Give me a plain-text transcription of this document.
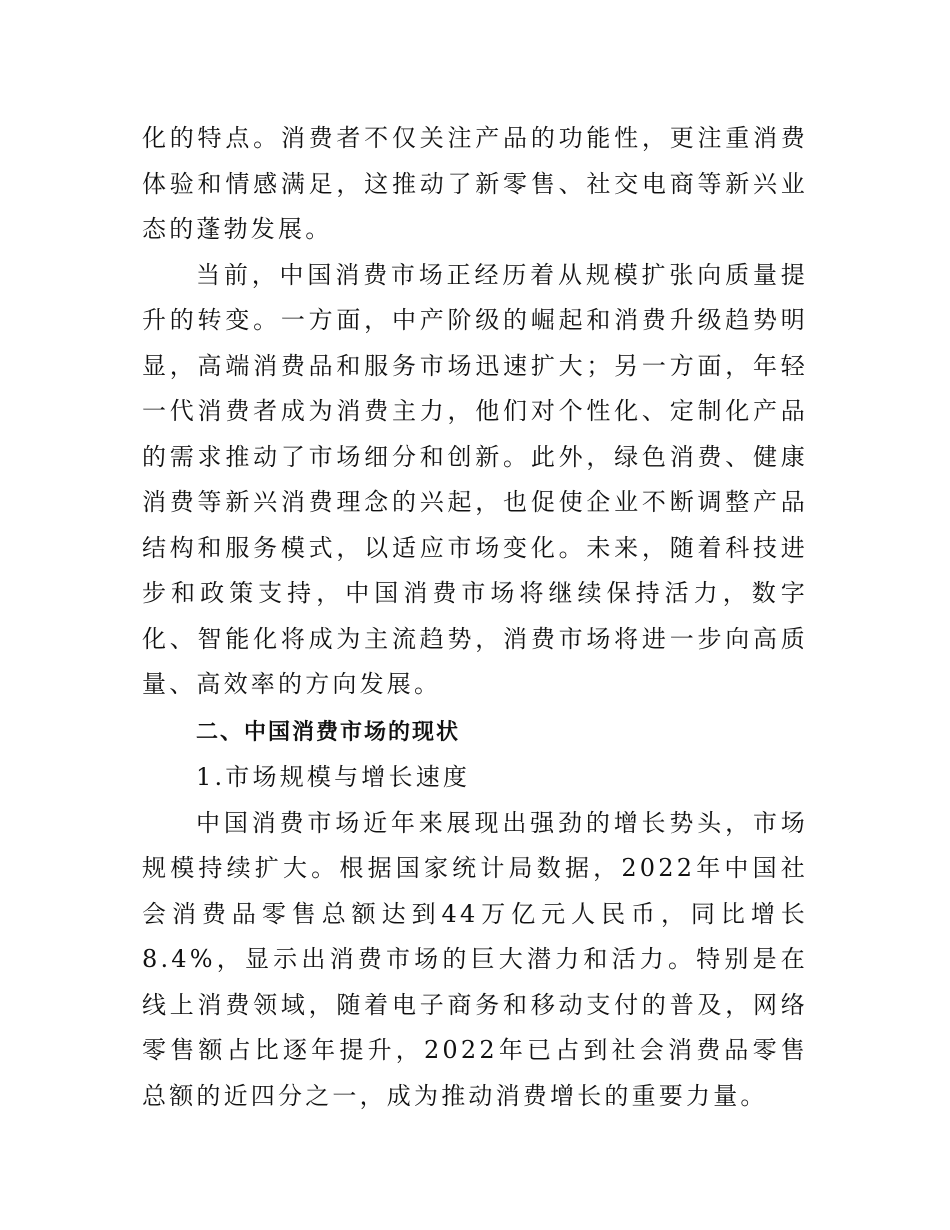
化的特点。消费者不仅关注产品的功能性，更注重消费体验和情感满足，这推动了新零售、社交电商等新兴业态的蓬勃发展。

当前，中国消费市场正经历着从规模扩张向质量提升的转变。一方面，中产阶级的崛起和消费升级趋势明显，高端消费品和服务市场迅速扩大；另一方面，年轻一代消费者成为消费主力，他们对个性化、定制化产品的需求推动了市场细分和创新。此外，绿色消费、健康消费等新兴消费理念的兴起，也促使企业不断调整产品结构和服务模式，以适应市场变化。未来，随着科技进步和政策支持，中国消费市场将继续保持活力，数字化、智能化将成为主流趋势，消费市场将进一步向高质量、高效率的方向发展。

二、中国消费市场的现状

1.市场规模与增长速度

中国消费市场近年来展现出强劲的增长势头，市场规模持续扩大。根据国家统计局数据，2022年中国社会消费品零售总额达到44万亿元人民币，同比增长8.4%，显示出消费市场的巨大潜力和活力。特别是在线上消费领域，随着电子商务和移动支付的普及，网络零售额占比逐年提升，2022年已占到社会消费品零售总额的近四分之一，成为推动消费增长的重要力量。
